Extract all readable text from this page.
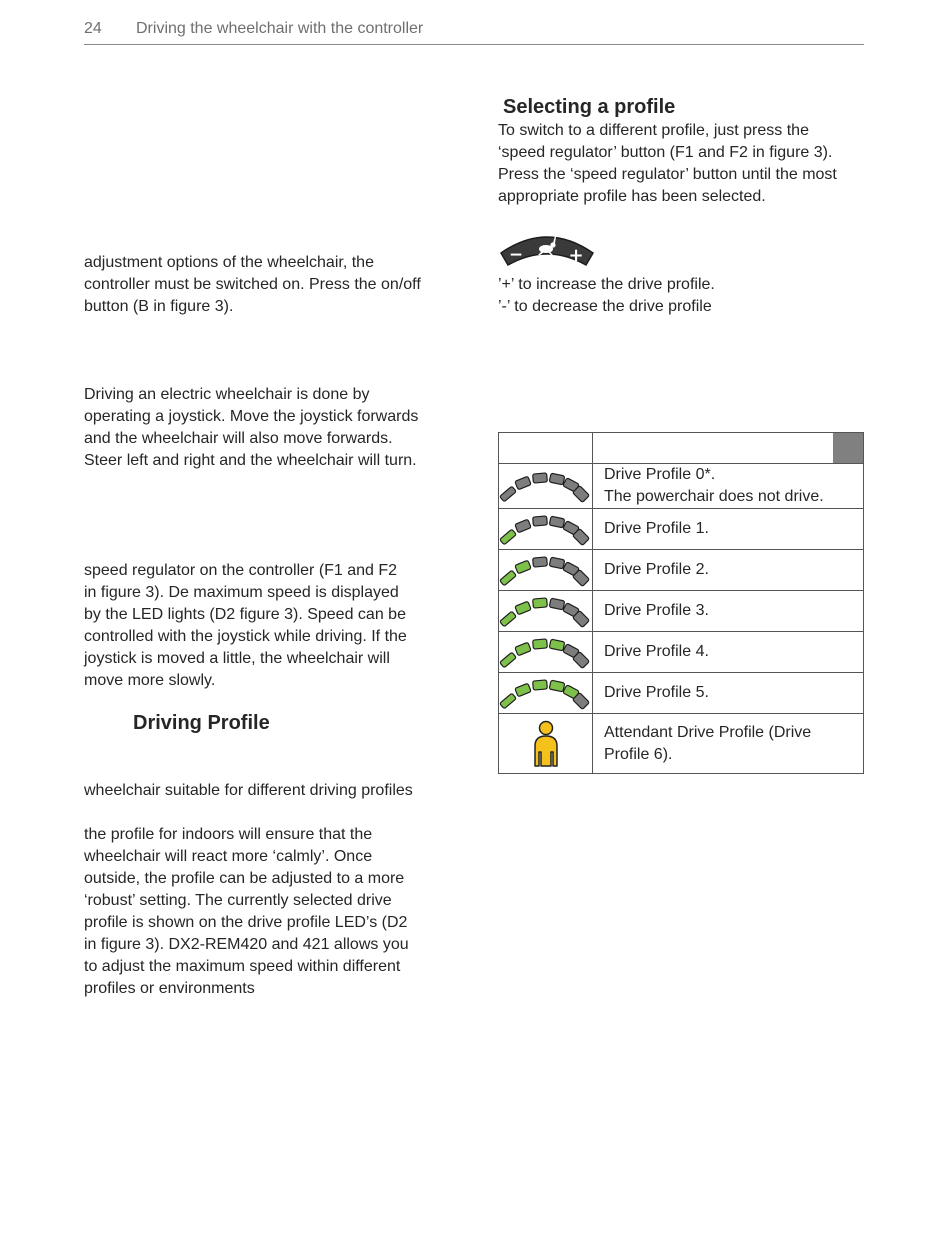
24 Driving the wheelchair with the controller
adjustment options of the wheelchair, the
controller must be switched on. Press the on/off
button (B in figure 3).
Driving an electric wheelchair is done by
operating a joystick. Move the joystick forwards
and the wheelchair will also move forwards.
Steer left and right and the wheelchair will turn.
speed regulator on the controller (F1 and F2
in figure 3). De maximum speed is displayed
by the LED lights (D2 figure 3). Speed can be
controlled with the joystick while driving. If the
joystick is moved a little, the wheelchair will
move more slowly.
Driving Profile
wheelchair suitable for different driving profiles
the profile for indoors will ensure that the
wheelchair will react more ‘calmly’. Once
outside, the profile can be adjusted to a more
‘robust’ setting. The currently selected drive
profile is shown on the drive profile LED’s (D2
in figure 3). DX2-REM420 and 421 allows you
to adjust the maximum speed within different
profiles or environments
Selecting a profile
To switch to a different profile, just press the
‘speed regulator’ button (F1 and F2 in figure 3).
Press the ‘speed regulator’ button until the most
appropriate profile has been selected.
−	+
’+’ to increase the drive profile.
’-’ to decrease the drive profile

Drive Profile 0*.
The powerchair does not drive.

Drive Profile 1.

Drive Profile 2.

Drive Profile 3.

Drive Profile 4.

Drive Profile 5.

Attendant Drive Profile (Drive
Profile 6).
